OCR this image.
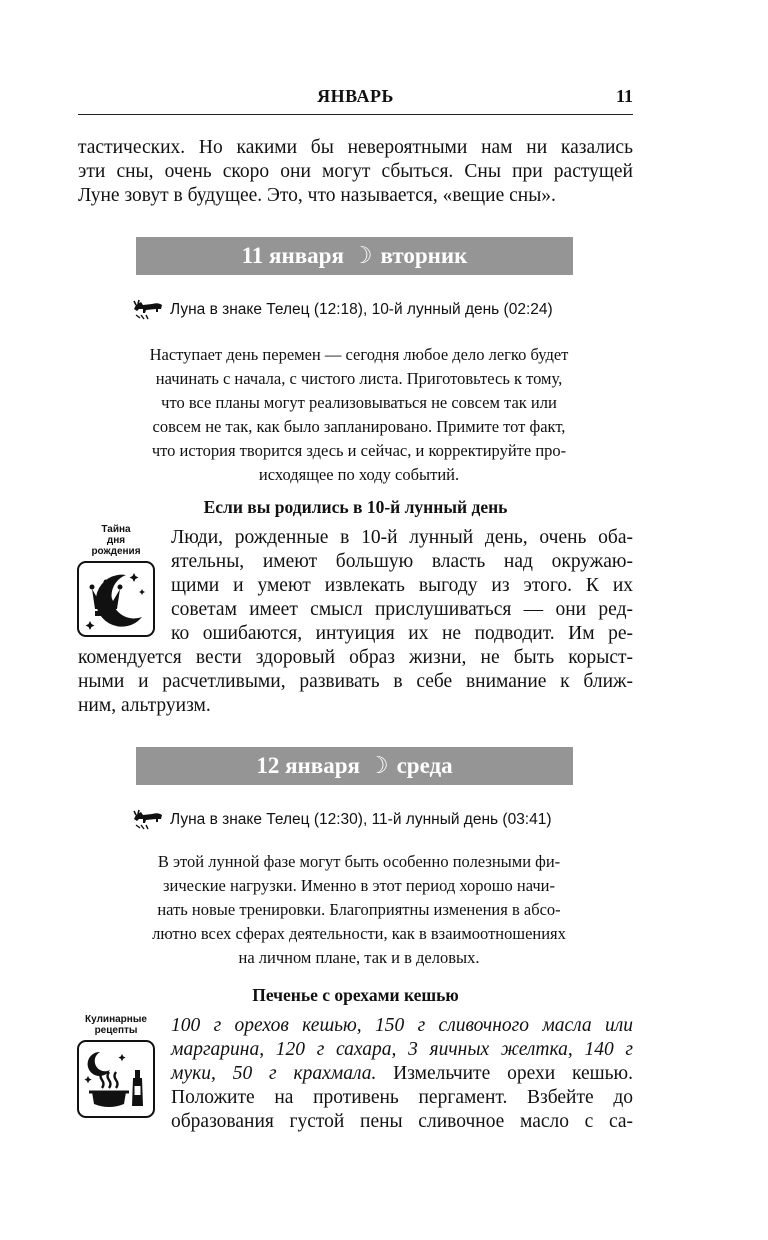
ЯНВАРЬ	11
тастических. Но какими бы невероятными нам ни казались
эти сны, очень скоро они могут сбыться. Сны при растущей
Луне зовут в будущее. Это, что называется, «вещие сны».
11 января ☽ вторник
Луна в знаке Телец (12:18), 10-й лунный день (02:24)
Наступает день перемен — сегодня любое дело легко будет
начинать с начала, с чистого листа. Приготовьтесь к тому,
что все планы могут реализовываться не совсем так или
совсем не так, как было запланировано. Примите тот факт,
что история творится здесь и сейчас, и корректируйте про-
исходящее по ходу событий.
Если вы родились в 10-й лунный день
Тайна
дня
рождения
Люди, рожденные в 10-й лунный день, очень оба-
ятельны, имеют большую власть над окружаю-
щими и умеют извлекать выгоду из этого. К их
советам имеет смысл прислушиваться — они ред-
ко ошибаются, интуиция их не подводит. Им ре-
комендуется вести здоровый образ жизни, не быть корыст-
ными и расчетливыми, развивать в себе внимание к ближ-
ним, альтруизм.
12 января ☽ среда
Луна в знаке Телец (12:30), 11-й лунный день (03:41)
В этой лунной фазе могут быть особенно полезными фи-
зические нагрузки. Именно в этот период хорошо начи-
нать новые тренировки. Благоприятны изменения в абсо-
лютно всех сферах деятельности, как в взаимоотношениях
на личном плане, так и в деловых.
Печенье с орехами кешью
Кулинарные
рецепты	100 г орехов кешью, 150 г сливочного масла или
маргарина, 120 г сахара, 3 яичных желтка, 140 г
муки, 50 г крахмала. Измельчите орехи кешью.
Положите на противень пергамент. Взбейте до
образования густой пены сливочное масло с са-
